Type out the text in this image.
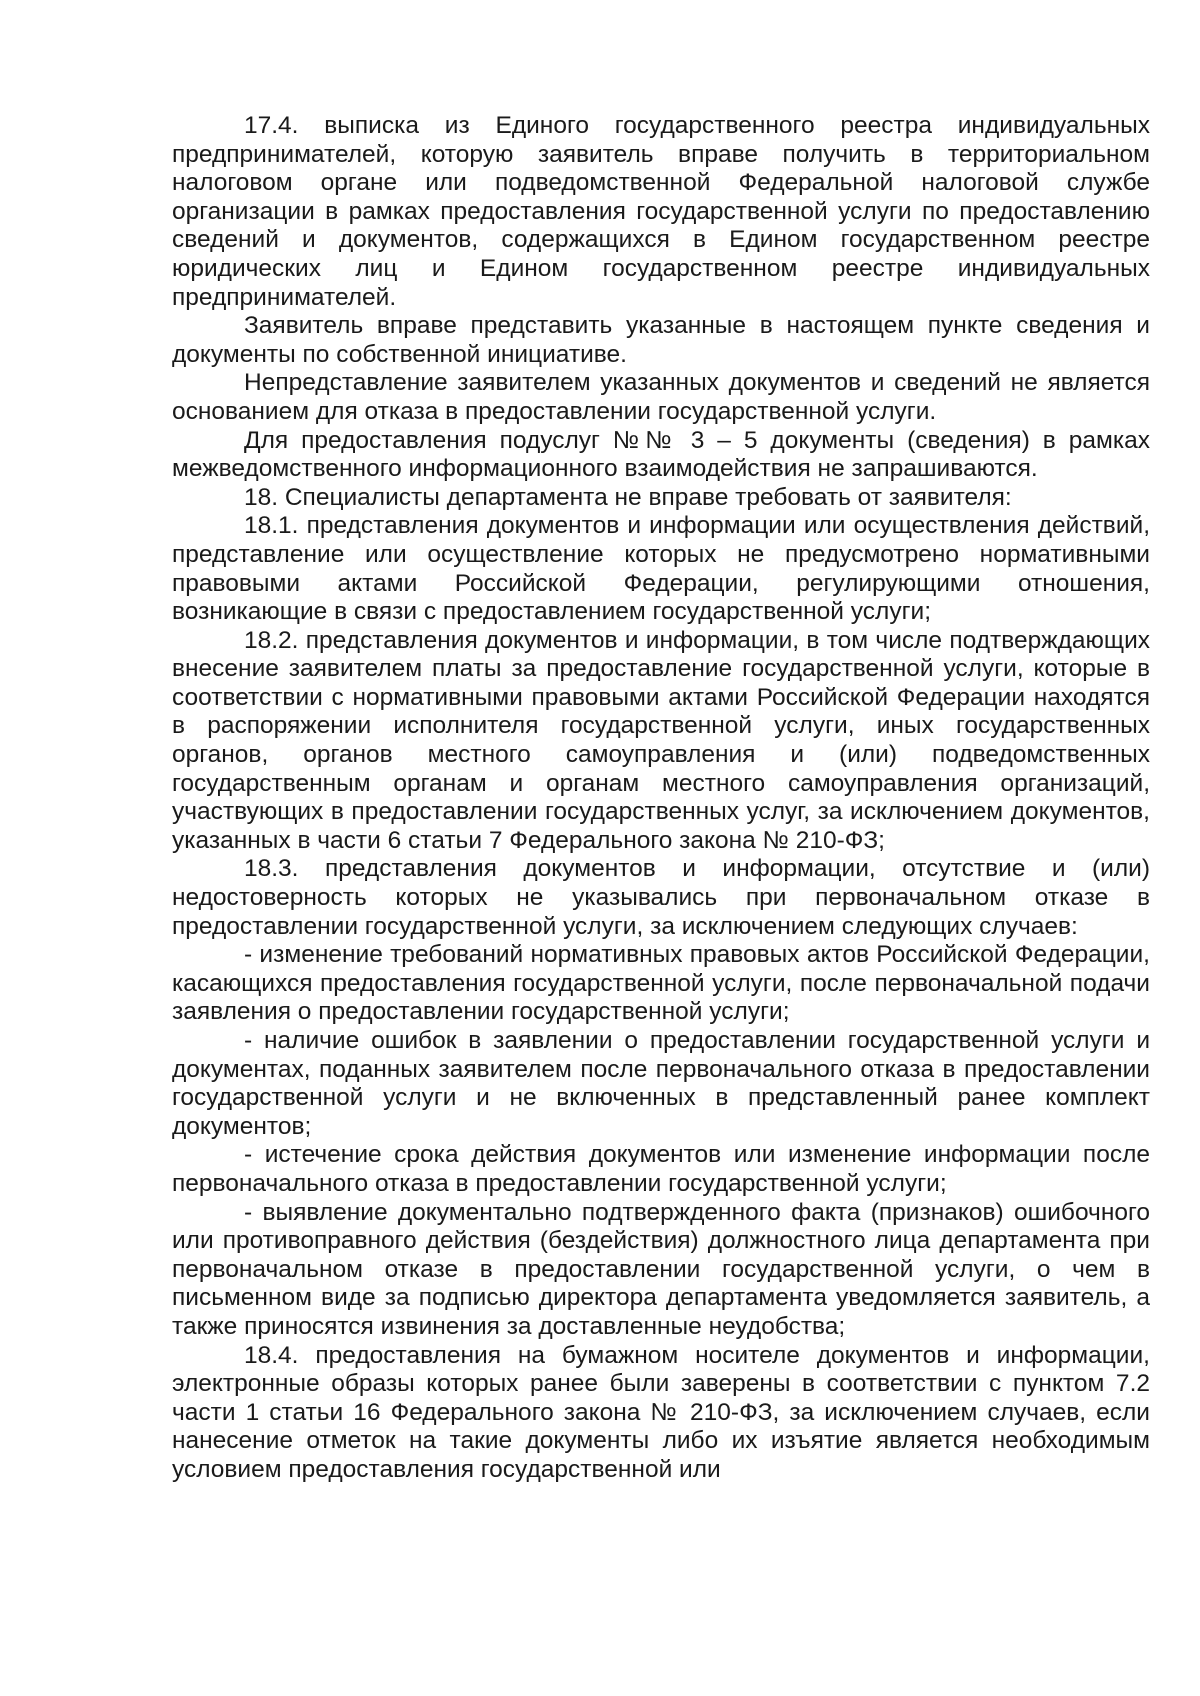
17.4. выписка из Единого государственного реестра индивидуальных предпринимателей, которую заявитель вправе получить в территориальном налоговом органе или подведомственной Федеральной налоговой службе организации в рамках предоставления государственной услуги по предоставлению сведений и документов, содержащихся в Едином государственном реестре юридических лиц и Едином государственном реестре индивидуальных предпринимателей.

Заявитель вправе представить указанные в настоящем пункте сведения и документы по собственной инициативе.

Непредставление заявителем указанных документов и сведений не является основанием для отказа в предоставлении государственной услуги.

Для предоставления подуслуг №№ 3 – 5 документы (сведения) в рамках межведомственного информационного взаимодействия не запрашиваются.

18. Специалисты департамента не вправе требовать от заявителя:

18.1. представления документов и информации или осуществления действий, представление или осуществление которых не предусмотрено нормативными правовыми актами Российской Федерации, регулирующими отношения, возникающие в связи с предоставлением государственной услуги;

18.2. представления документов и информации, в том числе подтверждающих внесение заявителем платы за предоставление государственной услуги, которые в соответствии с нормативными правовыми актами Российской Федерации находятся в распоряжении исполнителя государственной услуги, иных государственных органов, органов местного самоуправления и (или) подведомственных государственным органам и органам местного самоуправления организаций, участвующих в предоставлении государственных услуг, за исключением документов, указанных в части 6 статьи 7 Федерального закона № 210-ФЗ;

18.3. представления документов и информации, отсутствие и (или) недостоверность которых не указывались при первоначальном отказе в предоставлении государственной услуги, за исключением следующих случаев:

- изменение требований нормативных правовых актов Российской Федерации, касающихся предоставления государственной услуги, после первоначальной подачи заявления о предоставлении государственной услуги;

- наличие ошибок в заявлении о предоставлении государственной услуги и документах, поданных заявителем после первоначального отказа в предоставлении государственной услуги и не включенных в представленный ранее комплект документов;

- истечение срока действия документов или изменение информации после первоначального отказа в предоставлении государственной услуги;

- выявление документально подтвержденного факта (признаков) ошибочного или противоправного действия (бездействия) должностного лица департамента при первоначальном отказе в предоставлении государственной услуги, о чем в письменном виде за подписью директора департамента уведомляется заявитель, а также приносятся извинения за доставленные неудобства;

18.4. предоставления на бумажном носителе документов и информации, электронные образы которых ранее были заверены в соответствии с пунктом 7.2 части 1 статьи 16 Федерального закона № 210-ФЗ, за исключением случаев, если нанесение отметок на такие документы либо их изъятие является необходимым условием предоставления государственной или
